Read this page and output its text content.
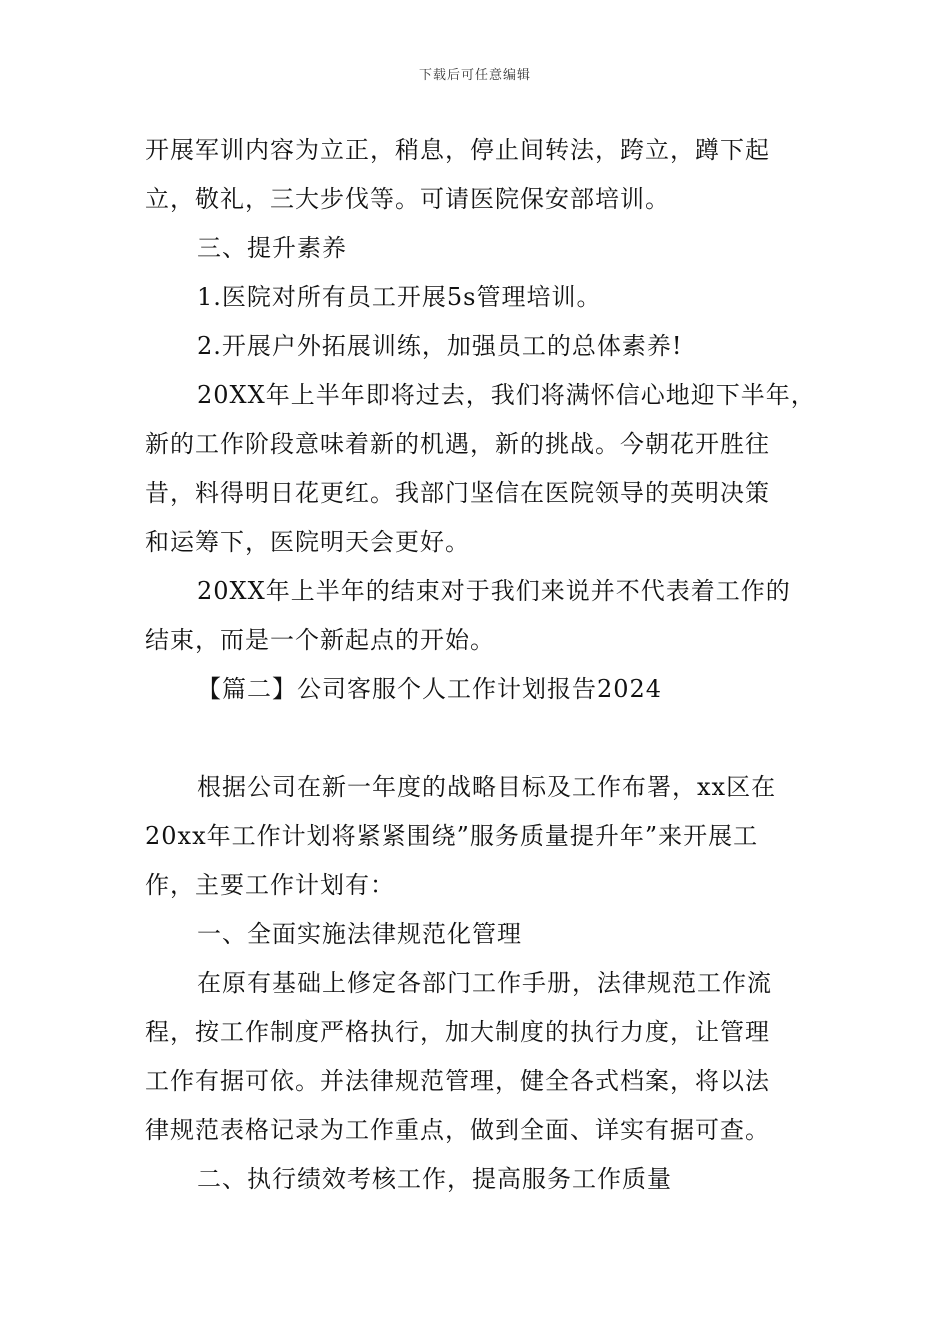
下载后可任意编辑
开展军训内容为立正，稍息，停止间转法，跨立，蹲下起
立，敬礼，三大步伐等。可请医院保安部培训。
三、提升素养
1.医院对所有员工开展5s管理培训。
2.开展户外拓展训练，加强员工的总体素养!
20XX年上半年即将过去，我们将满怀信心地迎下半年，
新的工作阶段意味着新的机遇，新的挑战。今朝花开胜往
昔，料得明日花更红。我部门坚信在医院领导的英明决策
和运筹下，医院明天会更好。
20XX年上半年的结束对于我们来说并不代表着工作的
结束，而是一个新起点的开始。
【篇二】公司客服个人工作计划报告2024
根据公司在新一年度的战略目标及工作布署，xx区在
20xx年工作计划将紧紧围绕”服务质量提升年”来开展工
作，主要工作计划有：
一、全面实施法律规范化管理
在原有基础上修定各部门工作手册，法律规范工作流
程，按工作制度严格执行，加大制度的执行力度，让管理
工作有据可依。并法律规范管理，健全各式档案，将以法
律规范表格记录为工作重点，做到全面、详实有据可查。
二、执行绩效考核工作，提高服务工作质量
